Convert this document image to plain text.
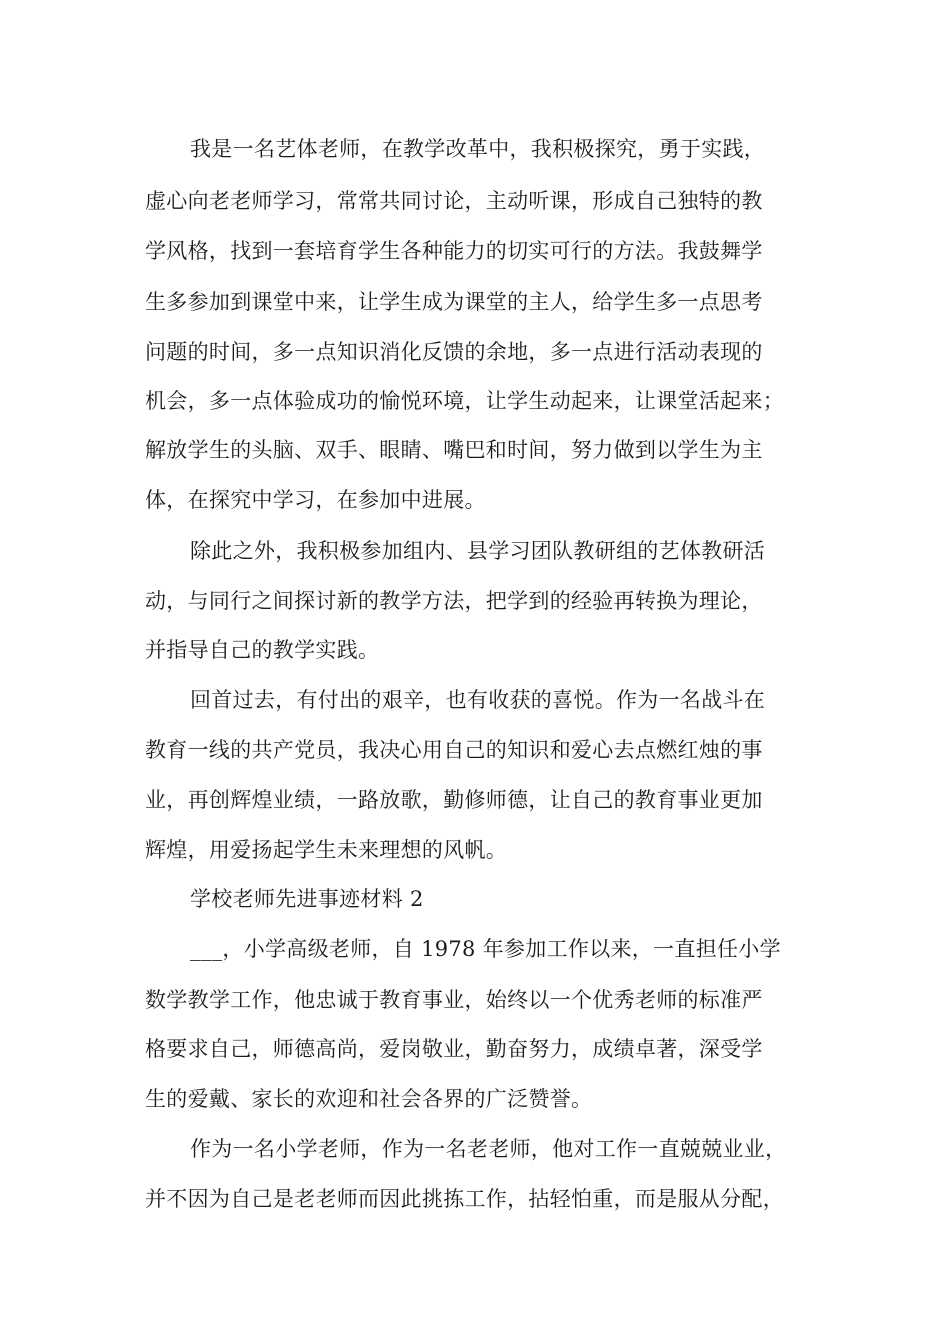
我是一名艺体老师，在教学改革中，我积极探究，勇于实践，
虚心向老老师学习，常常共同讨论，主动听课，形成自己独特的教
学风格，找到一套培育学生各种能力的切实可行的方法。我鼓舞学
生多参加到课堂中来，让学生成为课堂的主人，给学生多一点思考
问题的时间，多一点知识消化反馈的余地，多一点进行活动表现的
机会，多一点体验成功的愉悦环境，让学生动起来，让课堂活起来；
解放学生的头脑、双手、眼睛、嘴巴和时间，努力做到以学生为主
体，在探究中学习，在参加中进展。
除此之外，我积极参加组内、县学习团队教研组的艺体教研活
动，与同行之间探讨新的教学方法，把学到的经验再转换为理论，
并指导自己的教学实践。
回首过去，有付出的艰辛，也有收获的喜悦。作为一名战斗在
教育一线的共产党员，我决心用自己的知识和爱心去点燃红烛的事
业，再创辉煌业绩，一路放歌，勤修师德，让自己的教育事业更加
辉煌，用爱扬起学生未来理想的风帆。
学校老师先进事迹材料 2
___，小学高级老师，自 1978 年参加工作以来，一直担任小学
数学教学工作，他忠诚于教育事业，始终以一个优秀老师的标准严
格要求自己，师德高尚，爱岗敬业，勤奋努力，成绩卓著，深受学
生的爱戴、家长的欢迎和社会各界的广泛赞誉。
作为一名小学老师，作为一名老老师，他对工作一直兢兢业业，
并不因为自己是老老师而因此挑拣工作，拈轻怕重，而是服从分配，
